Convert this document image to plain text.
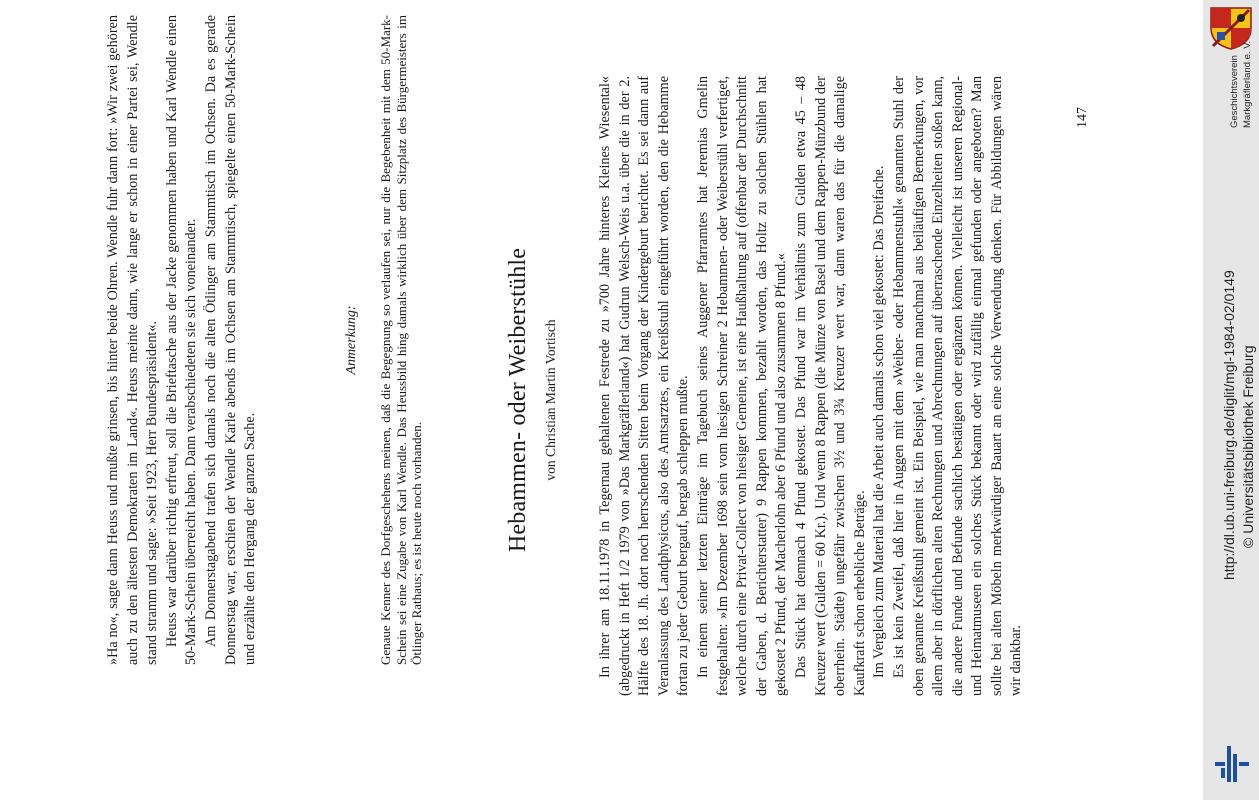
»Ha no«, sagte dann Heuss und mußte grinsen, bis hinter beide Ohren. Wendle fuhr dann fort: »Wir zwei gehören auch zu den ältesten Demokraten im Land«. Heuss meinte dann, wie lange er schon in einer Partei sei, Wendle stand stramm und sagte: »Seit 1923, Herr Bundespräsident«. Heuss war darüber richtig erfreut, soll die Brieftasche aus der Jacke genommen haben und Karl Wendle einen 50-Mark-Schein überreicht haben. Dann verabschiedeten sie sich voneinander. Am Donnerstagabend trafen sich damals noch die alten Ötlinger am Stammtisch im Ochsen. Da es gerade Donnerstag war, erschien der Wendle Karle abends im Ochsen am Stammtisch, spiegelte einen 50-Mark-Schein und erzählte den Hergang der ganzen Sache.

Anmerkung: Genaue Kenner des Dorfgeschehens meinen, daß die Begegnung so verlaufen sei, nur die Begebenheit mit dem 50-Mark-Schein sei eine Zugabe von Karl Wendle. Das Heussbild hing damals wirklich über dem Sitzplatz des Bürgermeisters im Ötlinger Rathaus; es ist heute noch vorhanden.	Hebammen- oder Weiberstühle von Christian Martin Vortisch	In ihrer am 18.11.1978 in Tegernau gehaltenen Festrede zu »700 Jahre hinteres Kleines Wiesental« (abgedruckt in Heft 1/2 1979 von »Das Markgräflerland«) hat Gudrun Welsch-Weis u.a. über die in der 2. Hälfte des 18. Jh. dort noch herrschenden Sitten beim Vorgang der Kindergeburt berichtet. Es sei dann auf Veranlassung des Landphysicus, also des Amtsarztes, ein Kreißstuhl eingeführt worden, den die Hebamme fortan zu jeder Geburt bergauf, bergab schleppen mußte. In einem seiner letzten Einträge im Tagebuch seines Auggener Pfarramtes hat Jeremias Gmelin festgehalten: »Im Dezember 1698 sein vom hiesigen Schreiner 2 Hebammen- oder Weiberstühl verfertiget, welche durch eine Privat-Collect von hiesiger Gemeine, ist eine Haußhaltung auf (offenbar der Durchschnitt der Gaben, d. Berichterstatter) 9 Rappen kommen, bezahlt worden, das Holtz zu solchen Stühlen hat gekostet 2 Pfund, der Macherlohn aber 6 Pfund und also zusammen 8 Pfund.« Das Stück hat demnach 4 Pfund gekostet. Das Pfund war im Verhältnis zum Gulden etwa 45 – 48 Kreuzer wert (Gulden = 60 Kr.). Und wenn 8 Rappen (die Münze von Basel und dem Rappen-Münzbund der oberrhein. Städte) ungefähr zwischen 3½ und 3¾ Kreuzer wert war, dann waren das für die damalige Kaufkraft schon erhebliche Beträge. Im Vergleich zum Material hat die Arbeit auch damals schon viel gekostet: Das Dreifache. Es ist kein Zweifel, daß hier in Auggen mit dem »Weiber- oder Hebammenstuhl« genannten Stuhl der oben genannte Kreißstuhl gemeint ist. Ein Beispiel, wie man manchmal aus beiläufigen Bemerkungen, vor allem aber in dörflichen alten Rechnungen und Abrechnungen auf überraschende Einzelheiten stoßen kann, die andere Funde und Befunde sachlich bestätigen oder ergänzen können. Vielleicht ist unseren Regional- und Heimatmuseen ein solches Stück bekannt oder wird zufällig einmal gefunden oder angeboten? Man sollte bei alten Möbeln merkwürdiger Bauart an eine solche Verwendung denken. Für Abbildungen wären wir dankbar.

147	Geschichtsverein Markgräflerland e. V.
http://dl.ub.uni-freiburg.de/diglit/mgl-1984-02/0149 © Universitätsbibliothek Freiburg
